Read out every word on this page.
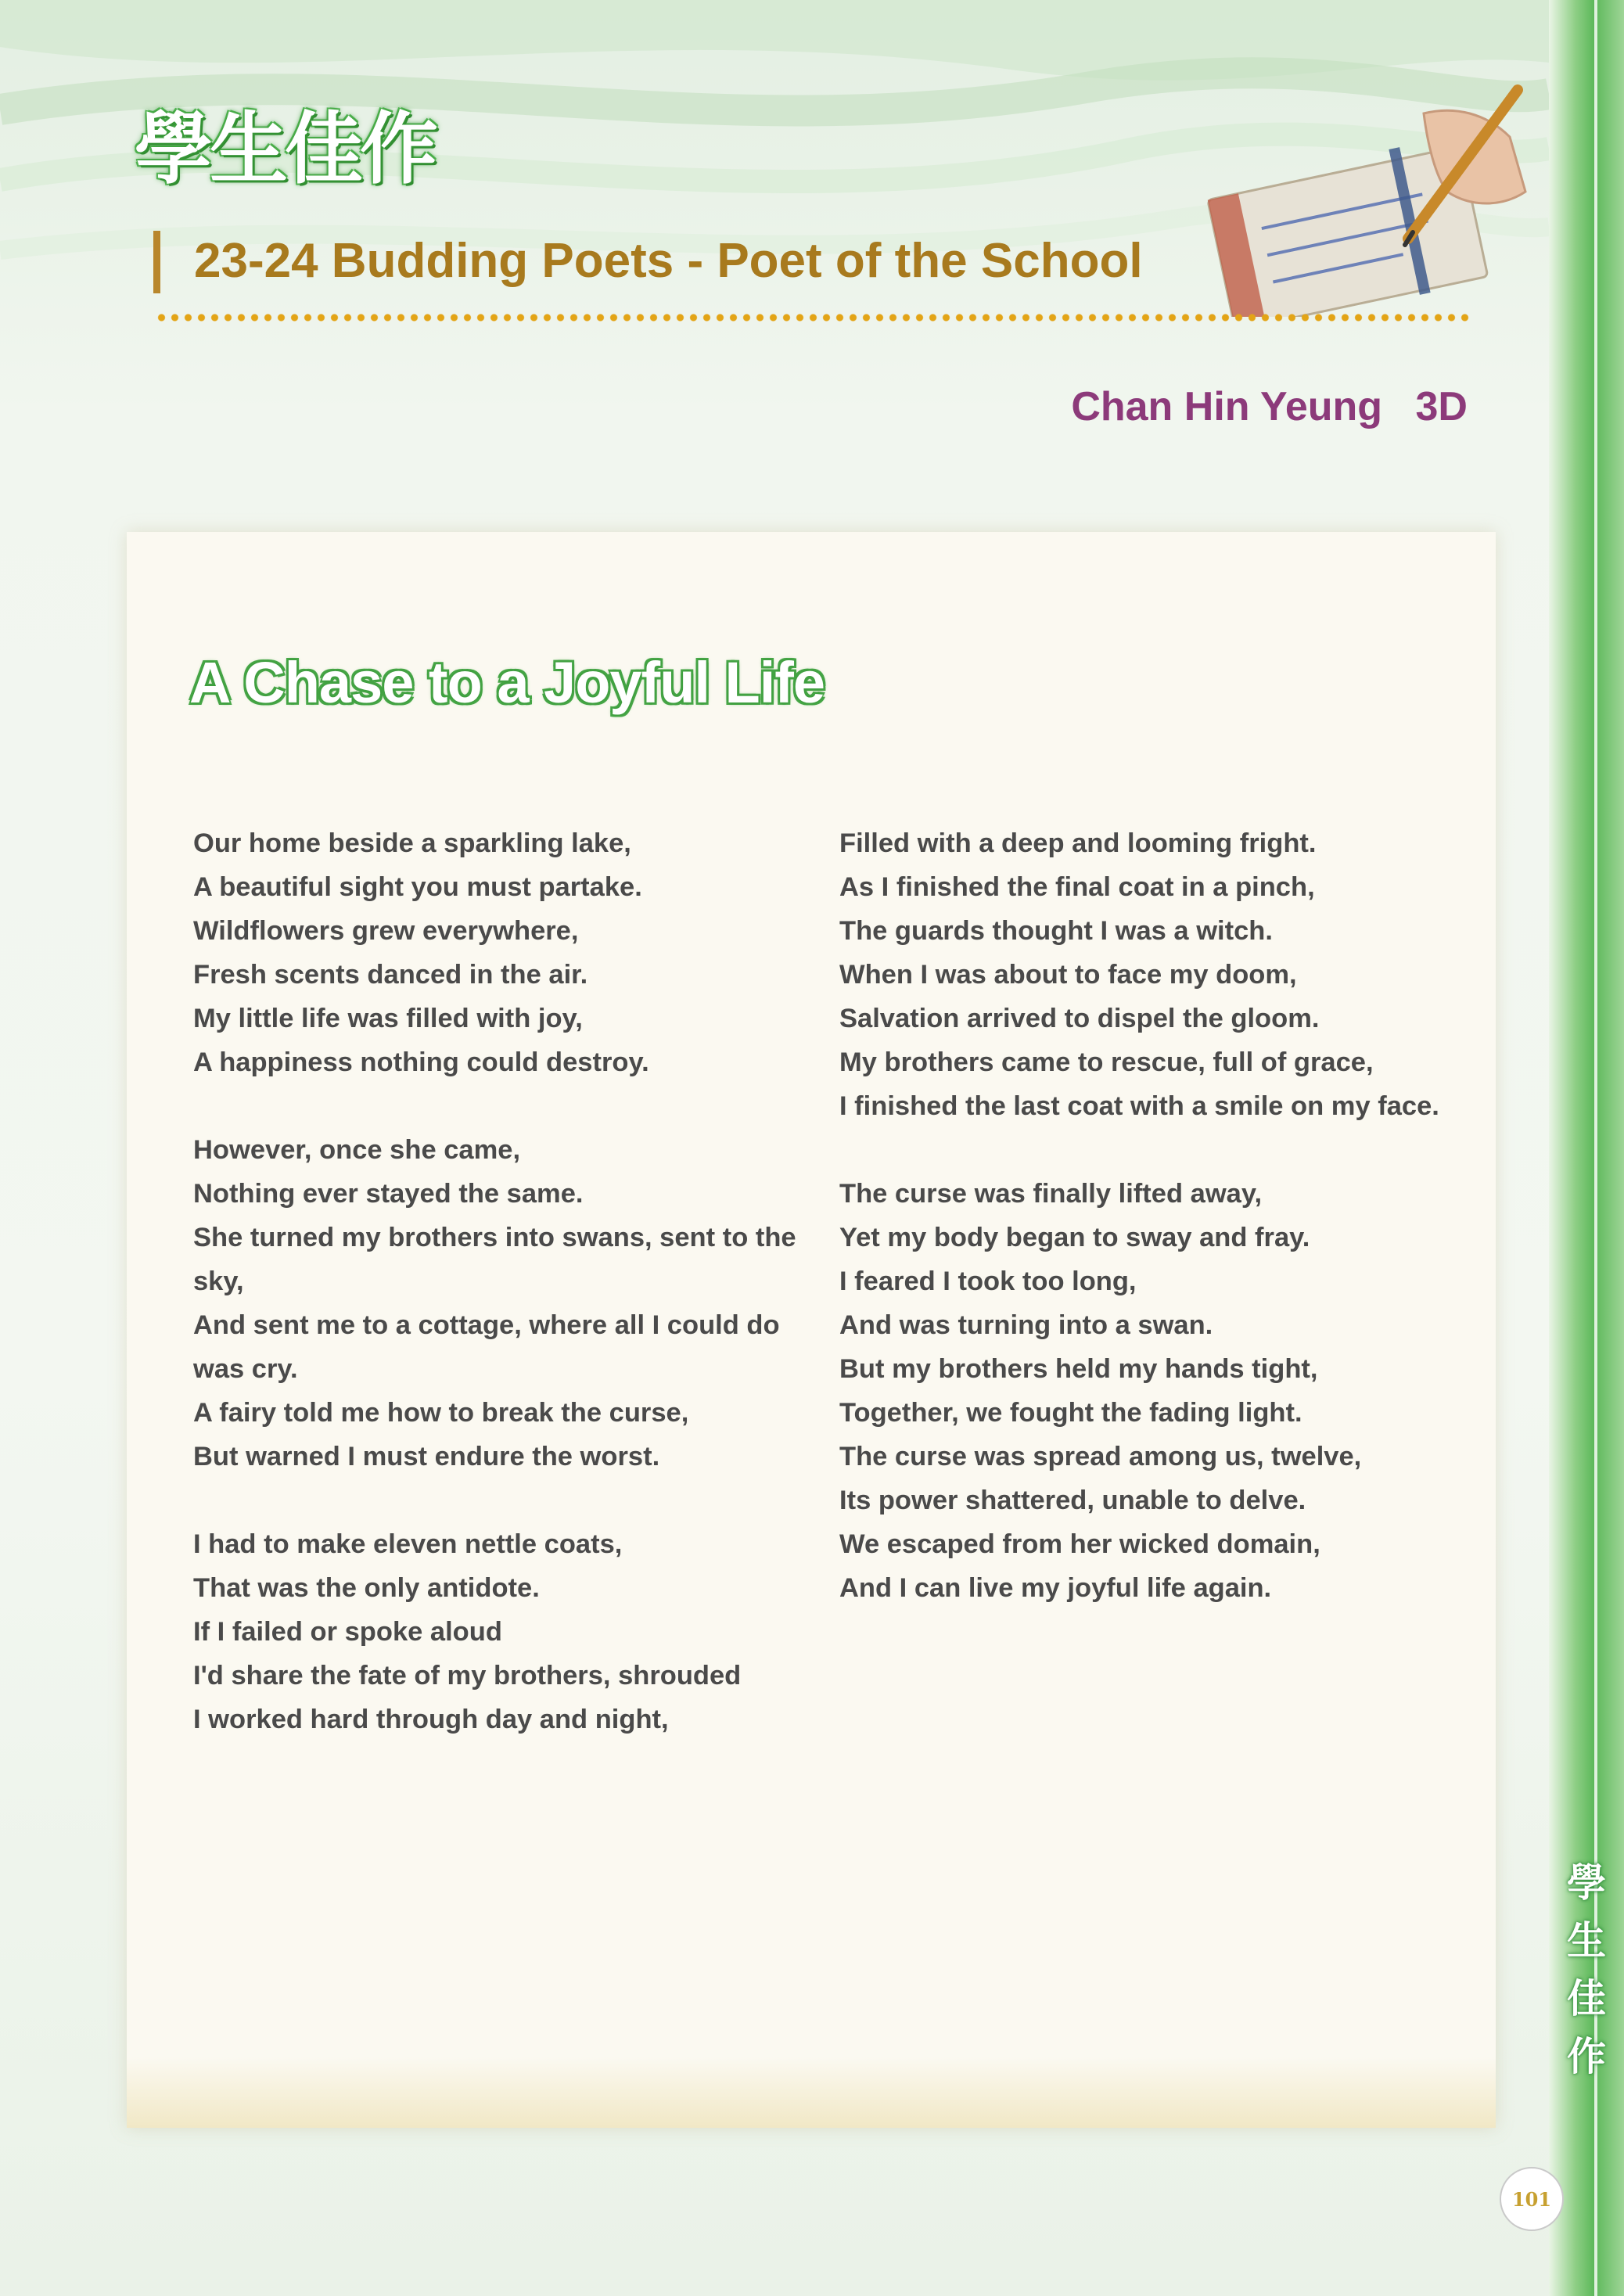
學
生
佳
作
學生佳作
23-24 Budding Poets - Poet of the School

Chan Hin Yeung 3D

A Chase to a Joyful Life
Our home beside a sparkling lake,
A beautiful sight you must partake.
Wildflowers grew everywhere,
Fresh scents danced in the air.
My little life was filled with joy,
A happiness nothing could destroy.
However, once she came,
Nothing ever stayed the same.
She turned my brothers into swans, sent to the
sky,
And sent me to a cottage, where all I could do
was cry.
A fairy told me how to break the curse,
But warned I must endure the worst.
I had to make eleven nettle coats,
That was the only antidote.
If I failed or spoke aloud
I'd share the fate of my brothers, shrouded
I worked hard through day and night,
Filled with a deep and looming fright.
As I finished the final coat in a pinch,
The guards thought I was a witch.
When I was about to face my doom,
Salvation arrived to dispel the gloom.
My brothers came to rescue, full of grace,
I finished the last coat with a smile on my face.
The curse was finally lifted away,
Yet my body began to sway and fray.
I feared I took too long,
And was turning into a swan.
But my brothers held my hands tight,
Together, we fought the fading light.
The curse was spread among us, twelve,
Its power shattered, unable to delve.
We escaped from her wicked domain,
And I can live my joyful life again.
101
